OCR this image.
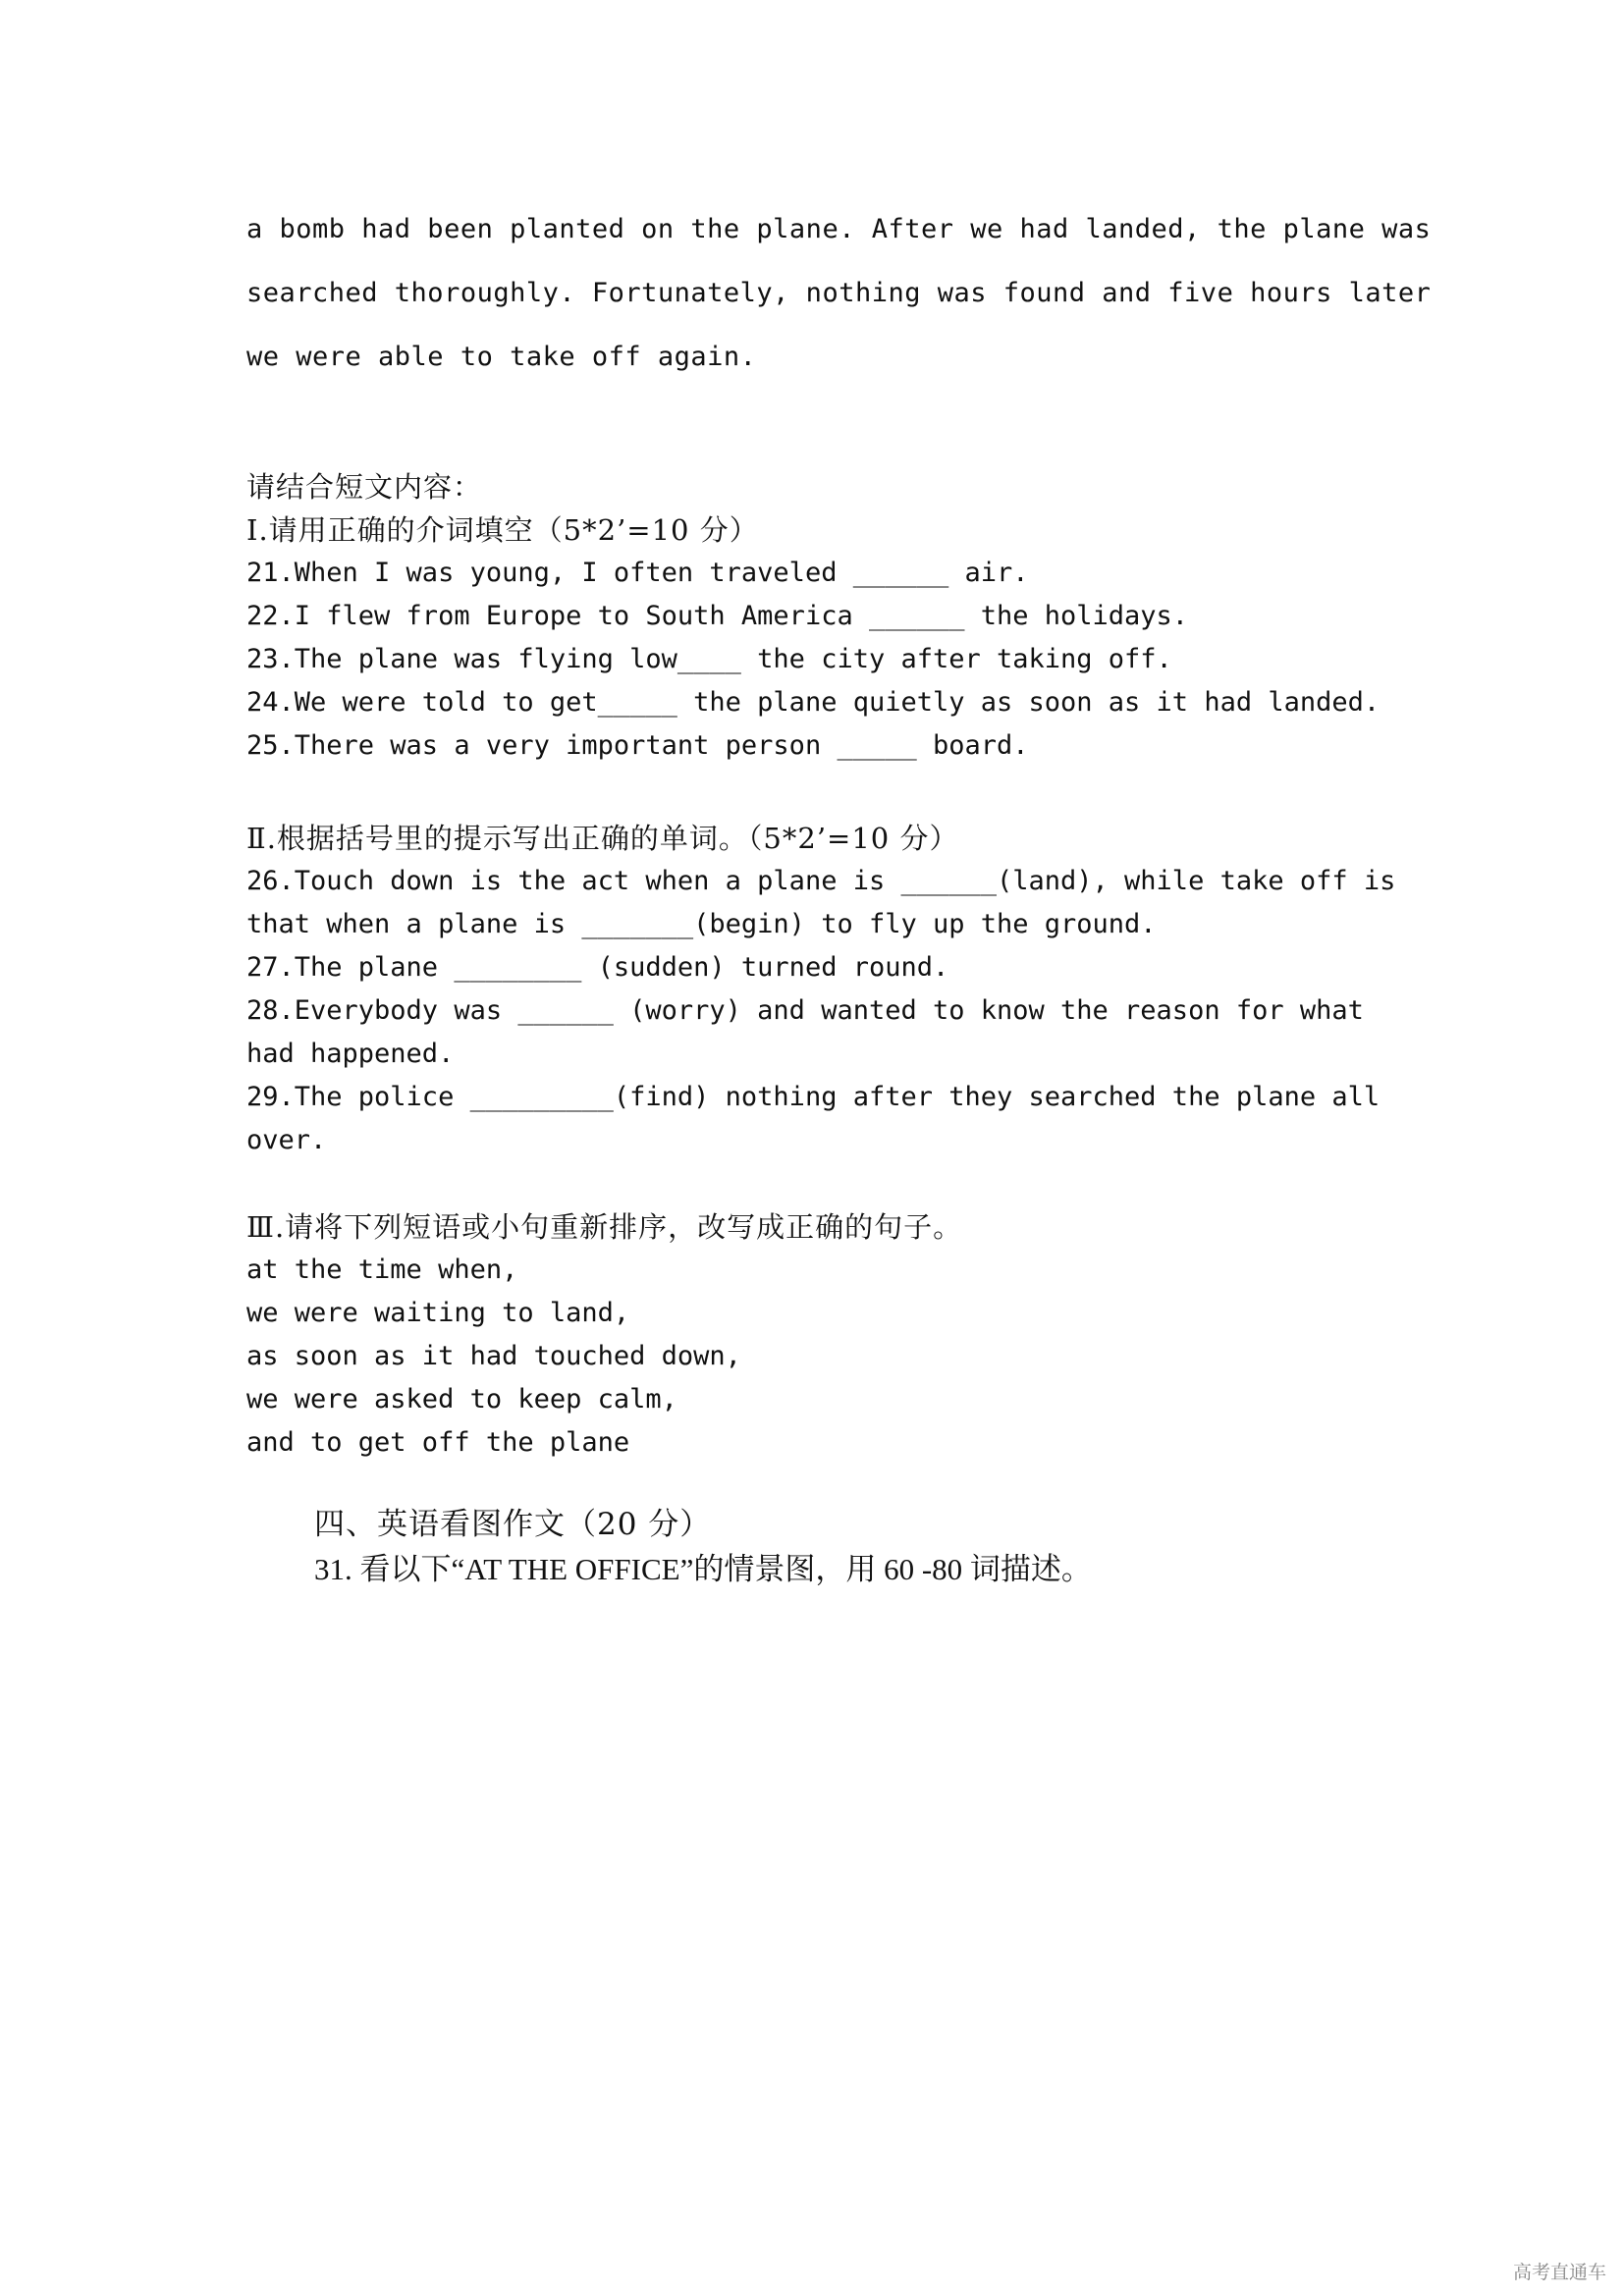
a bomb had been planted on the plane. After we had landed, the plane was
searched thoroughly. Fortunately, nothing was found and five hours later
we were able to take off again.
请结合短文内容：
Ⅰ.请用正确的介词填空（5*2’=10 分）
21.When I was young, I often traveled ______ air.
22.I flew from Europe to South America ______ the holidays.
23.The plane was flying low____ the city after taking off.
24.We were told to get_____ the plane quietly as soon as it had landed.
25.There was a very important person _____ board.
Ⅱ.根据括号里的提示写出正确的单词。（5*2’=10 分）
26.Touch down is the act when a plane is ______(land), while take off is
that when a plane is _______(begin) to fly up the ground.
27.The plane ________ (sudden) turned round.
28.Everybody was ______ (worry) and wanted to know the reason for what
had happened.
29.The police _________(find) nothing after they searched the plane all
over.
Ⅲ.请将下列短语或小句重新排序，改写成正确的句子。
at the time when,
we were waiting to land,
as soon as it had touched down,
we were asked to keep calm,
and to get off the plane
四、英语看图作文（20 分）
31. 看以下“AT THE OFFICE”的情景图，用 60 -80 词描述。
高考直通车
